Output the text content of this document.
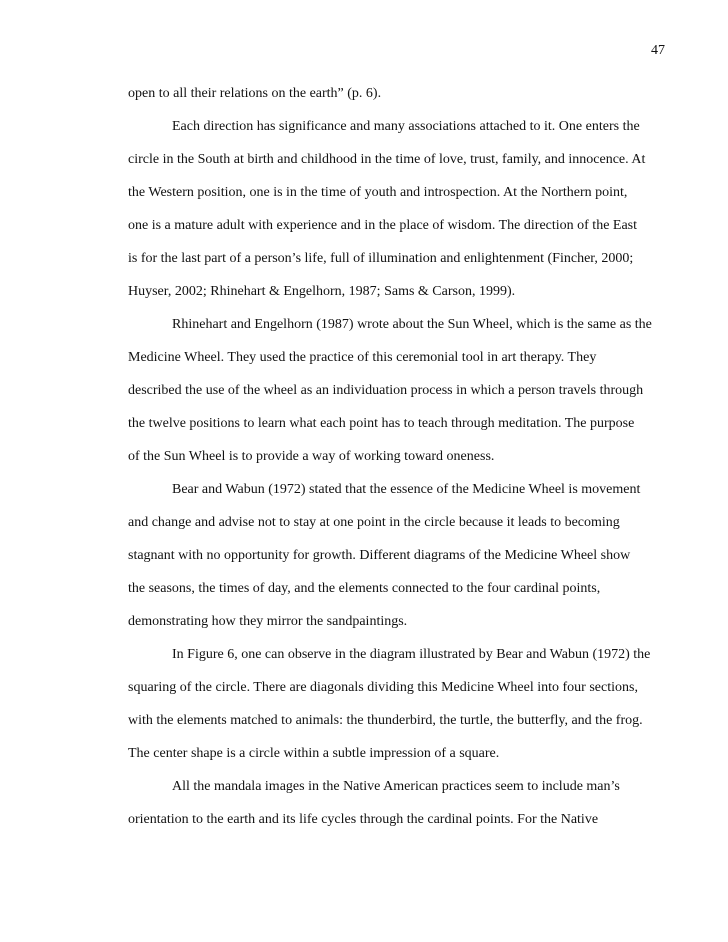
47
open to all their relations on the earth” (p. 6).
Each direction has significance and many associations attached to it. One enters the
circle in the South at birth and childhood in the time of love, trust, family, and innocence. At
the Western position, one is in the time of youth and introspection. At the Northern point,
one is a mature adult with experience and in the place of wisdom. The direction of the East
is for the last part of a person’s life, full of illumination and enlightenment (Fincher, 2000;
Huyser, 2002; Rhinehart & Engelhorn, 1987; Sams & Carson, 1999).
Rhinehart and Engelhorn (1987) wrote about the Sun Wheel, which is the same as the
Medicine Wheel. They used the practice of this ceremonial tool in art therapy. They
described the use of the wheel as an individuation process in which a person travels through
the twelve positions to learn what each point has to teach through meditation. The purpose
of the Sun Wheel is to provide a way of working toward oneness.
Bear and Wabun (1972) stated that the essence of the Medicine Wheel is movement
and change and advise not to stay at one point in the circle because it leads to becoming
stagnant with no opportunity for growth. Different diagrams of the Medicine Wheel show
the seasons, the times of day, and the elements connected to the four cardinal points,
demonstrating how they mirror the sandpaintings.
In Figure 6, one can observe in the diagram illustrated by Bear and Wabun (1972) the
squaring of the circle. There are diagonals dividing this Medicine Wheel into four sections,
with the elements matched to animals: the thunderbird, the turtle, the butterfly, and the frog.
The center shape is a circle within a subtle impression of a square.
All the mandala images in the Native American practices seem to include man’s
orientation to the earth and its life cycles through the cardinal points. For the Native
